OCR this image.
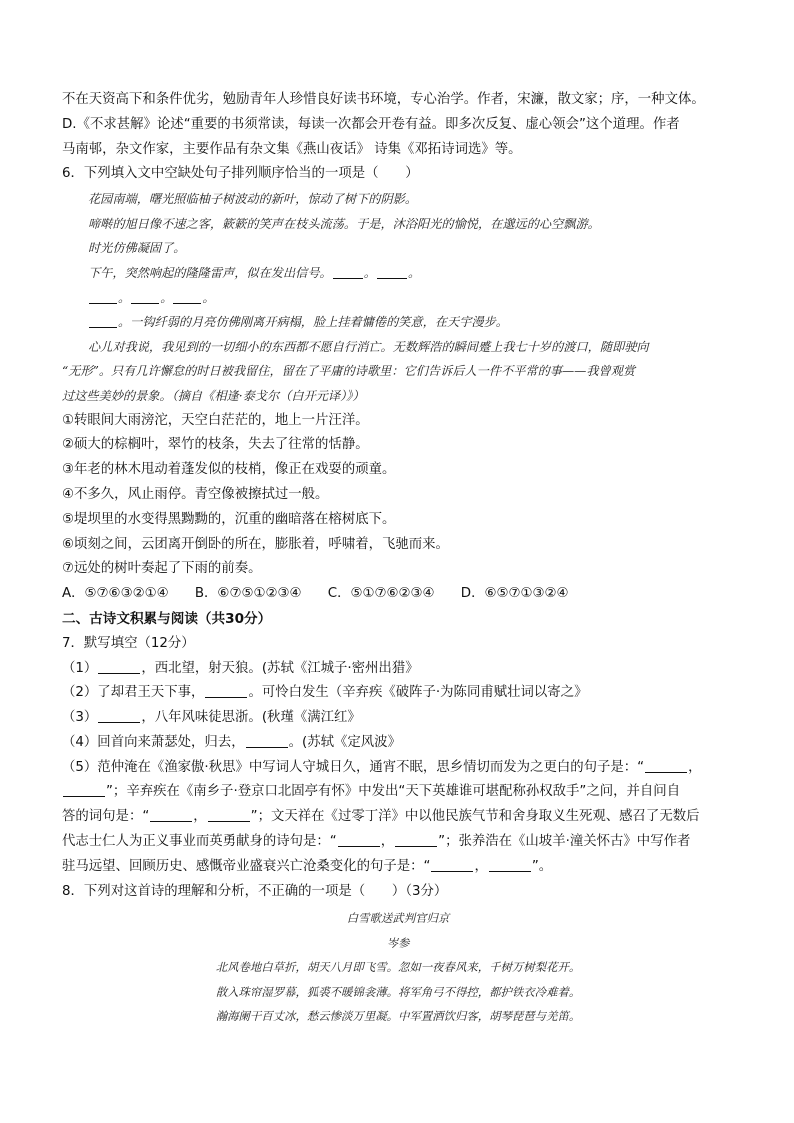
不在天资高下和条件优劣，勉励青年人珍惜良好读书环境，专心治学。作者，宋濂，散文家；序，一种文体。
D.《不求甚解》论述“重要的书须常读，每读一次都会开卷有益。即多次反复、虚心领会”这个道理。作者
马南邨，杂文作家，主要作品有杂文集《燕山夜话》 诗集《邓拓诗词选》等。
6．下列填入文中空缺处句子排列顺序恰当的一项是（　　）
花园南端，曙光照临柚子树波动的新叶，惊动了树下的阴影。
啼啭的旭日像不速之客，簌簌的笑声在枝头流荡。于是，沐浴阳光的愉悦，在邈远的心空飘游。
时光仿佛凝固了。
下午，突然响起的隆隆雷声，似在发出信号。	。	。
。 。 。
。一钩纤弱的月亮仿佛刚离开病榻，脸上挂着慵倦的笑意，在天宇漫步。
心儿对我说，我见到的一切细小的东西都不愿自行消亡。无数辉浩的瞬间蹙上我七十岁的渡口，随即驶向
“无形”。只有几许懈怠的时日被我留住，留在了平庸的诗歌里：它们告诉后人一件不平常的事——我曾观赏
过这些美妙的景象。（摘自《相逢·泰戈尔（白开元译）》）
①转眼间大雨滂沱，天空白茫茫的，地上一片汪洋。
②硕大的棕榈叶，翠竹的枝条，失去了往常的恬静。
③年老的林木甩动着蓬发似的枝梢，像正在戏耍的顽童。
④不多久，风止雨停。青空像被擦拭过一般。
⑤堤坝里的水变得黑黝黝的，沉重的幽暗落在榕树底下。
⑥顷刻之间，云团离开倒卧的所在，膨胀着，呼啸着，飞驰而来。
⑦远处的树叶奏起了下雨的前奏。
A．⑤⑦⑥③②①④ B．⑥⑦⑤①②③④ C．⑤①⑦⑥②③④ D．⑥⑤⑦①③②④
二、古诗文积累与阅读（共30分）
7．默写填空（12分）
（1）	，西北望，射天狼。(苏轼《江城子·密州出猎》
（2）了却君王天下事，	。可怜白发生（辛弃疾《破阵子·为陈同甫赋壮词以寄之》
（3）	，八年风味徒思浙。(秋瑾《满江红》
（4）回首向来萧瑟处，归去，	。(苏轼《定风波》
（5）范仲淹在《渔家傲·秋思》中写词人守城日久，通宵不眠，思乡情切而发为之更白的句子是：“	，
”；辛弃疾在《南乡子·登京口北固亭有怀》中发出“天下英雄谁可堪配称孙权敌手”之问，并自问自
答的词句是：“	，	”；文天祥在《过零丁洋》中以他民族气节和舍身取义生死观、感召了无数后
代志士仁人为正义事业而英勇献身的诗句是：“	，	”；张养浩在《山坡羊·潼关怀古》中写作者
驻马远望、回顾历史、感慨帝业盛衰兴亡沧桑变化的句子是：“	，	”。
8．下列对这首诗的理解和分析，不正确的一项是（　　）（3分）
白雪歌送武判官归京
岑参
北风卷地白草折，胡天八月即飞雪。忽如一夜春风来，千树万树梨花开。
散入珠帘湿罗幕，狐裘不暖锦衾薄。将军角弓不得控，都护铁衣冷难着。
瀚海阑干百丈冰，愁云惨淡万里凝。中军置酒饮归客，胡琴琵琶与羌笛。
